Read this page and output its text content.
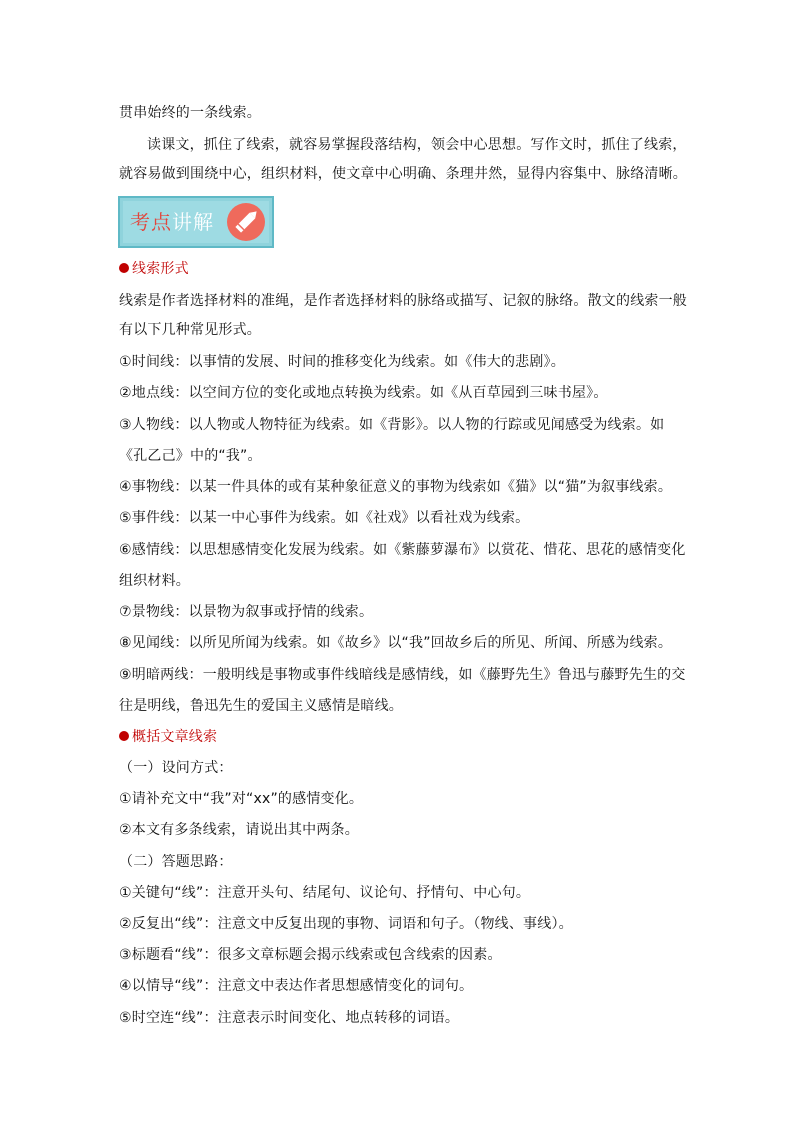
贯串始终的一条线索。
读课文，抓住了线索，就容易掌握段落结构，领会中心思想。写作文时，抓住了线索，
就容易做到围绕中心，组织材料，使文章中心明确、条理井然，显得内容集中、脉络清晰。
考点讲解
线索形式
线索是作者选择材料的准绳，是作者选择材料的脉络或描写、记叙的脉络。散文的线索一般
有以下几种常见形式。
①时间线：以事情的发展、时间的推移变化为线索。如《伟大的悲剧》。
②地点线：以空间方位的变化或地点转换为线索。如《从百草园到三味书屋》。
③人物线：以人物或人物特征为线索。如《背影》。以人物的行踪或见闻感受为线索。如
《孔乙己》中的“我”。
④事物线：以某一件具体的或有某种象征意义的事物为线索如《猫》以“猫”为叙事线索。
⑤事件线：以某一中心事件为线索。如《社戏》以看社戏为线索。
⑥感情线：以思想感情变化发展为线索。如《紫藤萝瀑布》以赏花、惜花、思花的感情变化
组织材料。
⑦景物线：以景物为叙事或抒情的线索。
⑧见闻线：以所见所闻为线索。如《故乡》以“我”回故乡后的所见、所闻、所感为线索。
⑨明暗两线：一般明线是事物或事件线暗线是感情线，如《藤野先生》鲁迅与藤野先生的交
往是明线，鲁迅先生的爱国主义感情是暗线。
概括文章线索
（一）设问方式：
①请补充文中“我”对“xx”的感情变化。
②本文有多条线索，请说出其中两条。
（二）答题思路：
①关键句“线”：注意开头句、结尾句、议论句、抒情句、中心句。
②反复出“线”：注意文中反复出现的事物、词语和句子。（物线、事线）。
③标题看“线”：很多文章标题会揭示线索或包含线索的因素。
④以情导“线”：注意文中表达作者思想感情变化的词句。
⑤时空连“线”：注意表示时间变化、地点转移的词语。
